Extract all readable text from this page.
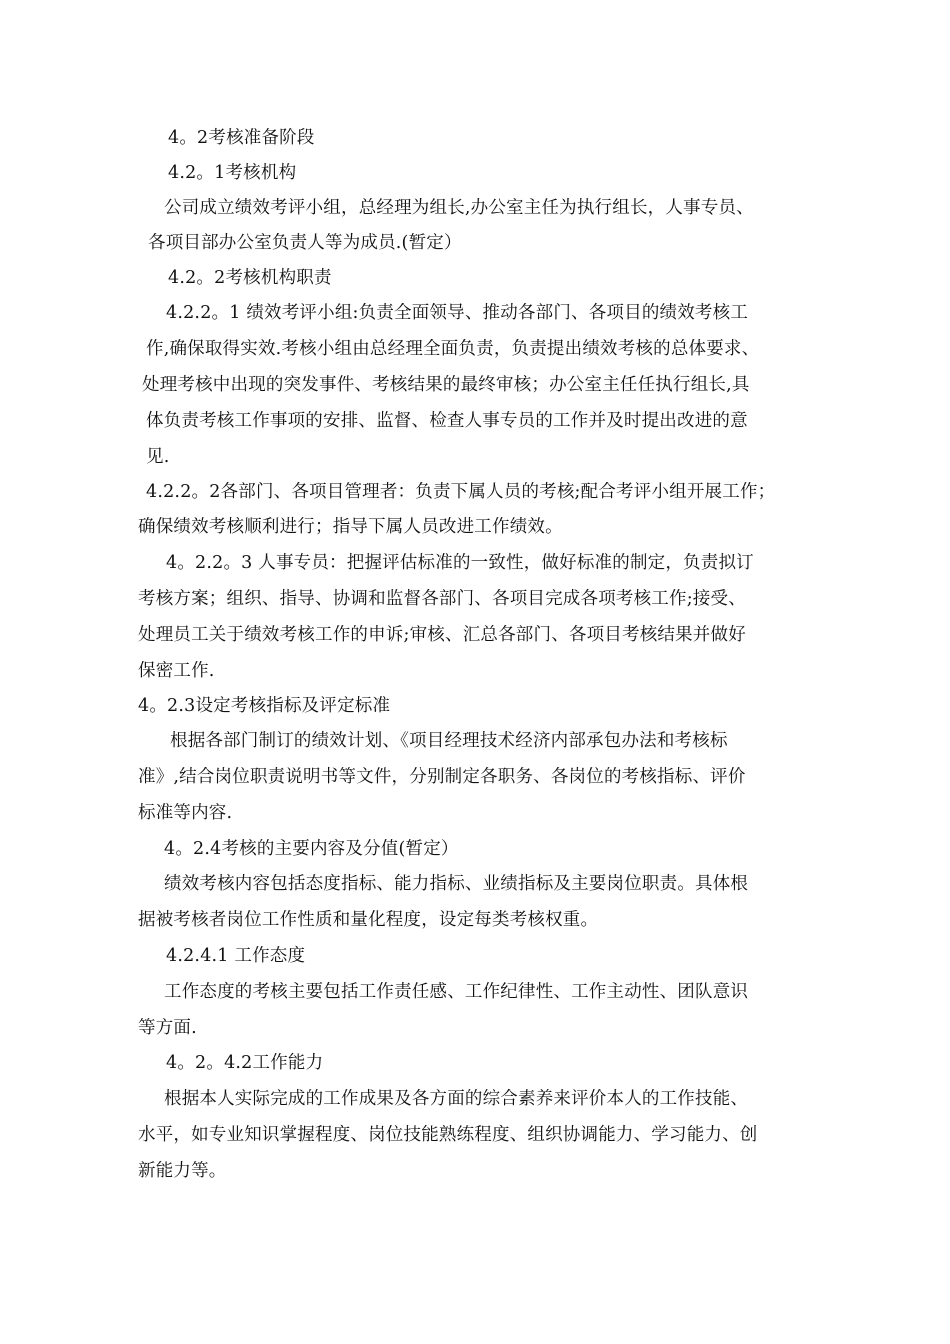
4。2考核准备阶段

4.2。1考核机构

公司成立绩效考评小组，总经理为组长,办公室主任为执行组长，人事专员、

各项目部办公室负责人等为成员.(暂定）

4.2。2考核机构职责

4.2.2。1 绩效考评小组:负责全面领导、推动各部门、各项目的绩效考核工

作,确保取得实效.考核小组由总经理全面负责，负责提出绩效考核的总体要求、

处理考核中出现的突发事件、考核结果的最终审核；办公室主任任执行组长,具

体负责考核工作事项的安排、监督、检查人事专员的工作并及时提出改进的意

见.

4.2.2。2各部门、各项目管理者：负责下属人员的考核;配合考评小组开展工作；

确保绩效考核顺利进行；指导下属人员改进工作绩效。

4。2.2。3 人事专员：把握评估标准的一致性，做好标准的制定，负责拟订

考核方案；组织、指导、协调和监督各部门、各项目完成各项考核工作;接受、

处理员工关于绩效考核工作的申诉;审核、汇总各部门、各项目考核结果并做好

保密工作.

4。2.3设定考核指标及评定标准

根据各部门制订的绩效计划、《项目经理技术经济内部承包办法和考核标

准》,结合岗位职责说明书等文件，分别制定各职务、各岗位的考核指标、评价

标准等内容.

4。2.4考核的主要内容及分值(暂定）

绩效考核内容包括态度指标、能力指标、业绩指标及主要岗位职责。具体根

据被考核者岗位工作性质和量化程度，设定每类考核权重。

4.2.4.1 工作态度

工作态度的考核主要包括工作责任感、工作纪律性、工作主动性、团队意识

等方面.

4。2。4.2工作能力

根据本人实际完成的工作成果及各方面的综合素养来评价本人的工作技能、

水平，如专业知识掌握程度、岗位技能熟练程度、组织协调能力、学习能力、创

新能力等。
